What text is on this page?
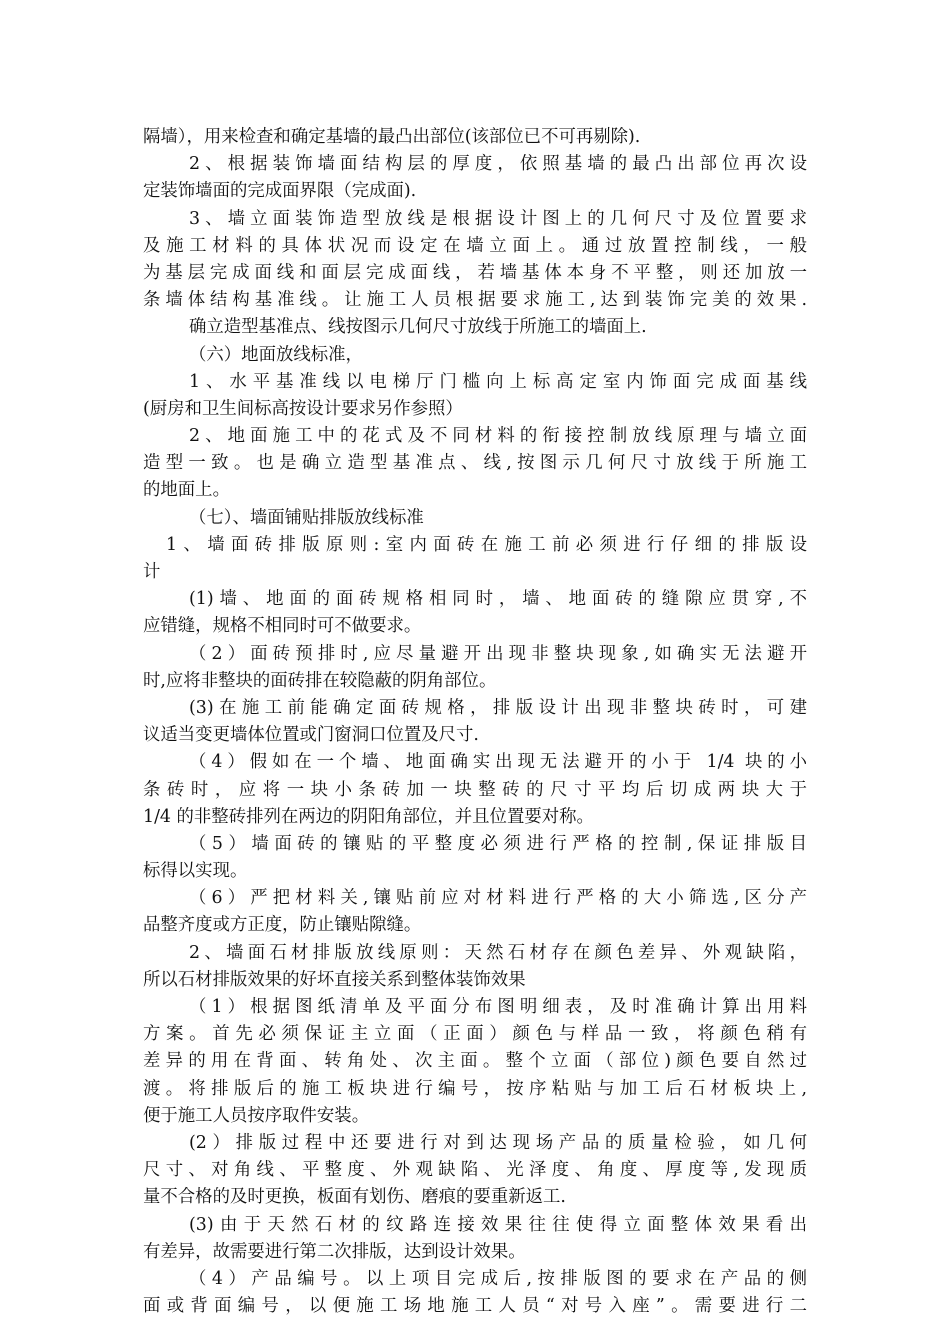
隔墙），用来检查和确定基墙的最凸出部位(该部位已不可再剔除).
2、根据装饰墙面结构层的厚度，依照基墙的最凸出部位再次设
定装饰墙面的完成面界限（完成面).
3、墙立面装饰造型放线是根据设计图上的几何尺寸及位置要求
及施工材料的具体状况而设定在墙立面上。通过放置控制线，一般
为基层完成面线和面层完成面线，若墙基体本身不平整，则还加放一
条墙体结构基准线。让施工人员根据要求施工,达到装饰完美的效果.
确立造型基准点、线按图示几何尺寸放线于所施工的墙面上.
（六）地面放线标准，
1、水平基准线以电梯厅门槛向上标高定室内饰面完成面基线
(厨房和卫生间标高按设计要求另作参照）
2、地面施工中的花式及不同材料的衔接控制放线原理与墙立面
造型一致。也是确立造型基准点、线,按图示几何尺寸放线于所施工
的地面上。
（七）、墙面铺贴排版放线标准
1、墙面砖排版原则:室内面砖在施工前必须进行仔细的排版设
计
(1)墙、地面的面砖规格相同时，墙、地面砖的缝隙应贯穿,不
应错缝，规格不相同时可不做要求。
（2）面砖预排时,应尽量避开出现非整块现象,如确实无法避开
时,应将非整块的面砖排在较隐蔽的阴角部位。
(3)在施工前能确定面砖规格，排版设计出现非整块砖时，可建
议适当变更墙体位置或门窗洞口位置及尺寸.
（4）假如在一个墙、地面确实出现无法避开的小于 1/4 块的小
条砖时，应将一块小条砖加一块整砖的尺寸平均后切成两块大于
1/4 的非整砖排列在两边的阴阳角部位，并且位置要对称。
（5）墙面砖的镶贴的平整度必须进行严格的控制,保证排版目
标得以实现。
（6）严把材料关,镶贴前应对材料进行严格的大小筛选,区分产
品整齐度或方正度，防止镶贴隙缝。
2、墙面石材排版放线原则：天然石材存在颜色差异、外观缺陷，
所以石材排版效果的好坏直接关系到整体装饰效果
（1）根据图纸清单及平面分布图明细表，及时准确计算出用料
方案。首先必须保证主立面（正面）颜色与样品一致，将颜色稍有
差异的用在背面、转角处、次主面。整个立面（部位)颜色要自然过
渡。将排版后的施工板块进行编号，按序粘贴与加工后石材板块上,
便于施工人员按序取件安装。
(2）排版过程中还要进行对到达现场产品的质量检验，如几何
尺寸、对角线、平整度、外观缺陷、光泽度、角度、厚度等,发现质
量不合格的及时更换，板面有划伤、磨痕的要重新返工.
(3)由于天然石材的纹路连接效果往往使得立面整体效果看出
有差异，故需要进行第二次排版，达到设计效果。
（4）产品编号。以上项目完成后,按排版图的要求在产品的侧
面或背面编号，以便施工场地施工人员“对号入座”。需要进行二
